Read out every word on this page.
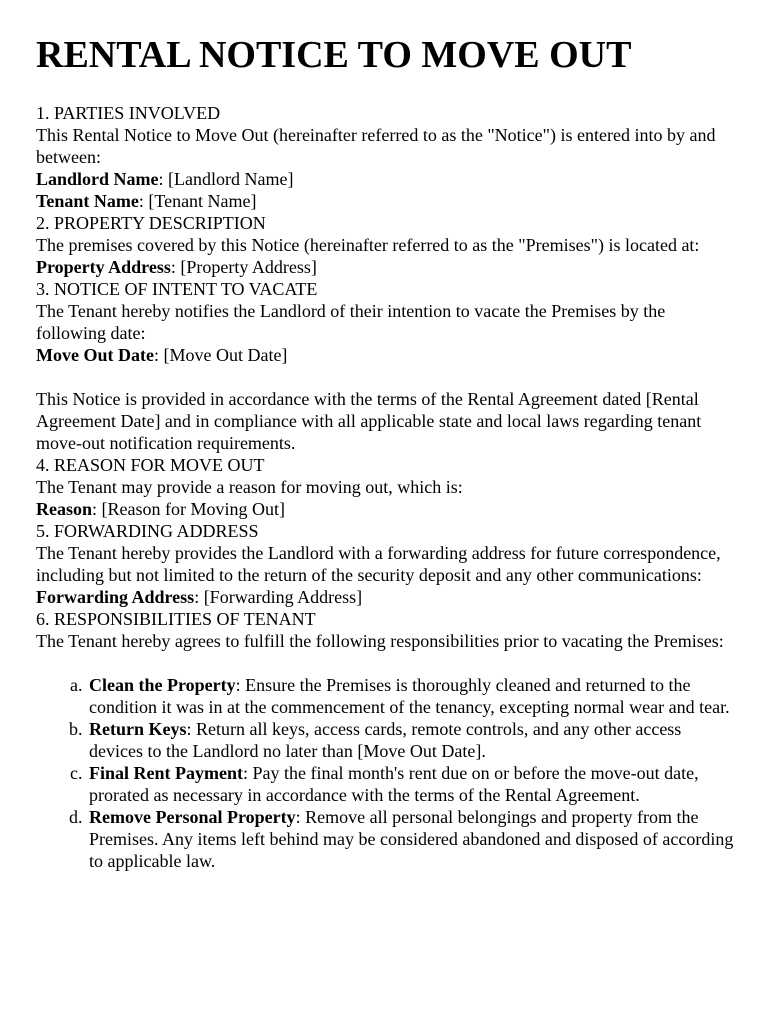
RENTAL NOTICE TO MOVE OUT
1. PARTIES INVOLVED

This Rental Notice to Move Out (hereinafter referred to as the "Notice") is entered into by and between:

Landlord Name: [Landlord Name]
Tenant Name: [Tenant Name]
2. PROPERTY DESCRIPTION

The premises covered by this Notice (hereinafter referred to as the "Premises") is located at:

Property Address: [Property Address]
3. NOTICE OF INTENT TO VACATE

The Tenant hereby notifies the Landlord of their intention to vacate the Premises by the following date:

Move Out Date: [Move Out Date]

This Notice is provided in accordance with the terms of the Rental Agreement dated [Rental Agreement Date] and in compliance with all applicable state and local laws regarding tenant move-out notification requirements.

4. REASON FOR MOVE OUT

The Tenant may provide a reason for moving out, which is:

Reason: [Reason for Moving Out]
5. FORWARDING ADDRESS

The Tenant hereby provides the Landlord with a forwarding address for future correspondence, including but not limited to the return of the security deposit and any other communications:

Forwarding Address: [Forwarding Address]
6. RESPONSIBILITIES OF TENANT

The Tenant hereby agrees to fulfill the following responsibilities prior to vacating the Premises:

a. Clean the Property: Ensure the Premises is thoroughly cleaned and returned to the condition it was in at the commencement of the tenancy, excepting normal wear and tear.
b. Return Keys: Return all keys, access cards, remote controls, and any other access devices to the Landlord no later than [Move Out Date].
c. Final Rent Payment: Pay the final month's rent due on or before the move-out date, prorated as necessary in accordance with the terms of the Rental Agreement.
d. Remove Personal Property: Remove all personal belongings and property from the Premises. Any items left behind may be considered abandoned and disposed of according to applicable law.
